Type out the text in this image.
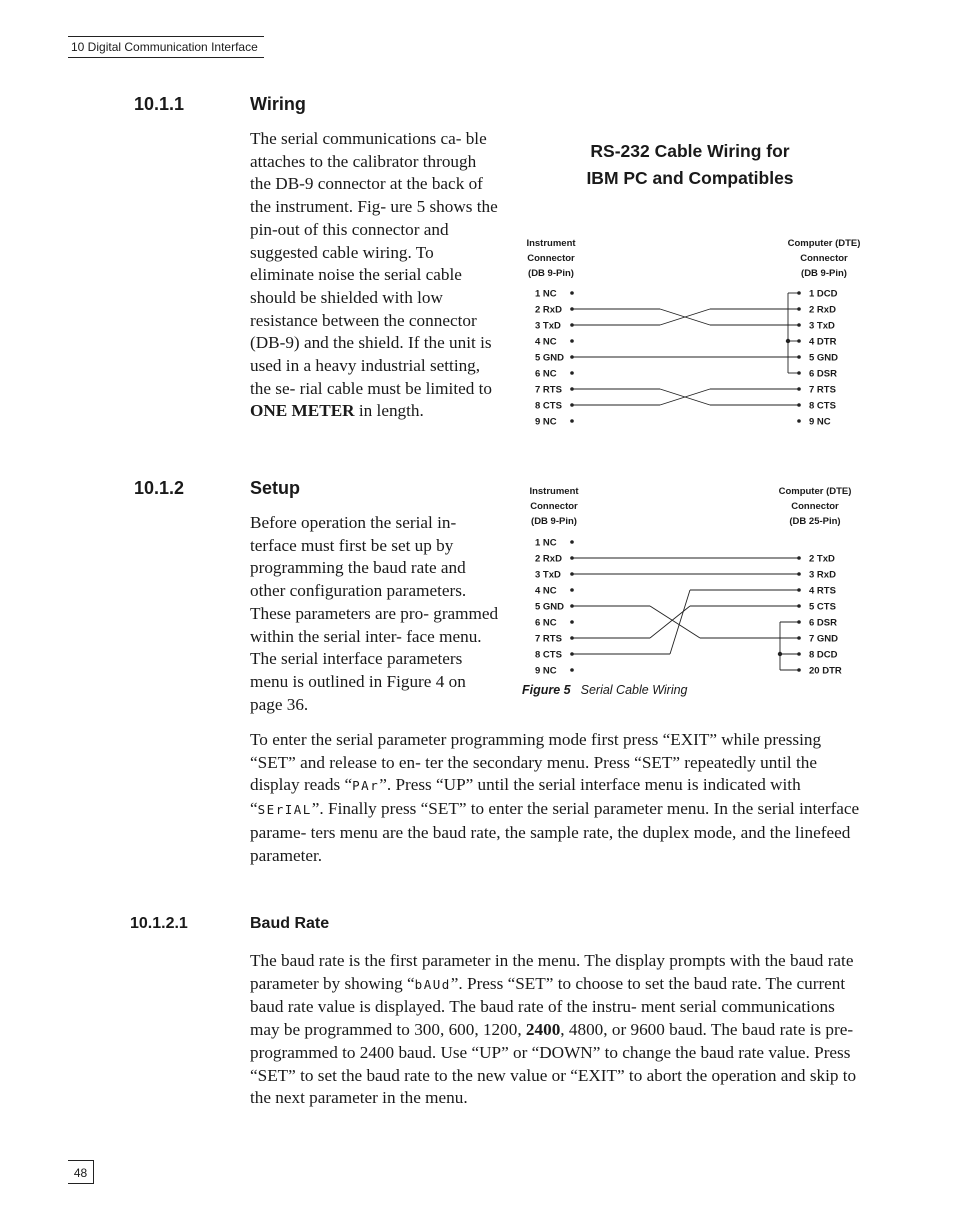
10 Digital Communication Interface
10.1.1	Wiring
The serial communications ca- ble attaches to the calibrator through the DB-9 connector at the back of the instrument. Fig- ure 5 shows the pin-out of this connector and suggested cable wiring. To eliminate noise the serial cable should be shielded with low resistance between the connector (DB-9) and the shield. If the unit is used in a heavy industrial setting, the se- rial cable must be limited to ONE METER in length.
10.1.2	Setup
Before operation the serial in- terface must first be set up by programming the baud rate and other configuration parameters. These parameters are pro- grammed within the serial inter- face menu. The serial interface parameters menu is outlined in Figure 4 on page 36.
To enter the serial parameter programming mode first press “EXIT” while pressing “SET” and release to en- ter the secondary menu. Press “SET” repeatedly until the display reads “PAr”. Press “UP” until the serial interface menu is indicated with “SErIAL”. Finally press “SET” to enter the serial parameter menu. In the serial interface parame- ters menu are the baud rate, the sample rate, the duplex mode, and the linefeed parameter.
10.1.2.1	Baud Rate
The baud rate is the first parameter in the menu. The display prompts with the baud rate parameter by showing “bAUd”. Press “SET” to choose to set the baud rate. The current baud rate value is displayed. The baud rate of the instru- ment serial communications may be programmed to 300, 600, 1200, 2400, 4800, or 9600 baud. The baud rate is pre-programmed to 2400 baud. Use “UP” or “DOWN” to change the baud rate value. Press “SET” to set the baud rate to the new value or “EXIT” to abort the operation and skip to the next parameter in the menu.
RS-232 Cable Wiring for
IBM PC and Compatibles
Instrument
Connector
(DB 9-Pin)
Computer (DTE)
Connector
(DB 9-Pin)
1 NC
2 RxD
3 TxD
4 NC
5 GND
6 NC
7 RTS
8 CTS
9 NC
1 DCD
2 RxD
3 TxD
4 DTR
5 GND
6 DSR
7 RTS
8 CTS
9 NC
Instrument
Connector
(DB 9-Pin)
Computer (DTE)
Connector
(DB 25-Pin)
1 NC
2 RxD
3 TxD
4 NC
5 GND
6 NC
7 RTS
8 CTS
9 NC
2 TxD
3 RxD
4 RTS
5 CTS
6 DSR
7 GND
8 DCD
20 DTR
Figure 5 Serial Cable Wiring
48
